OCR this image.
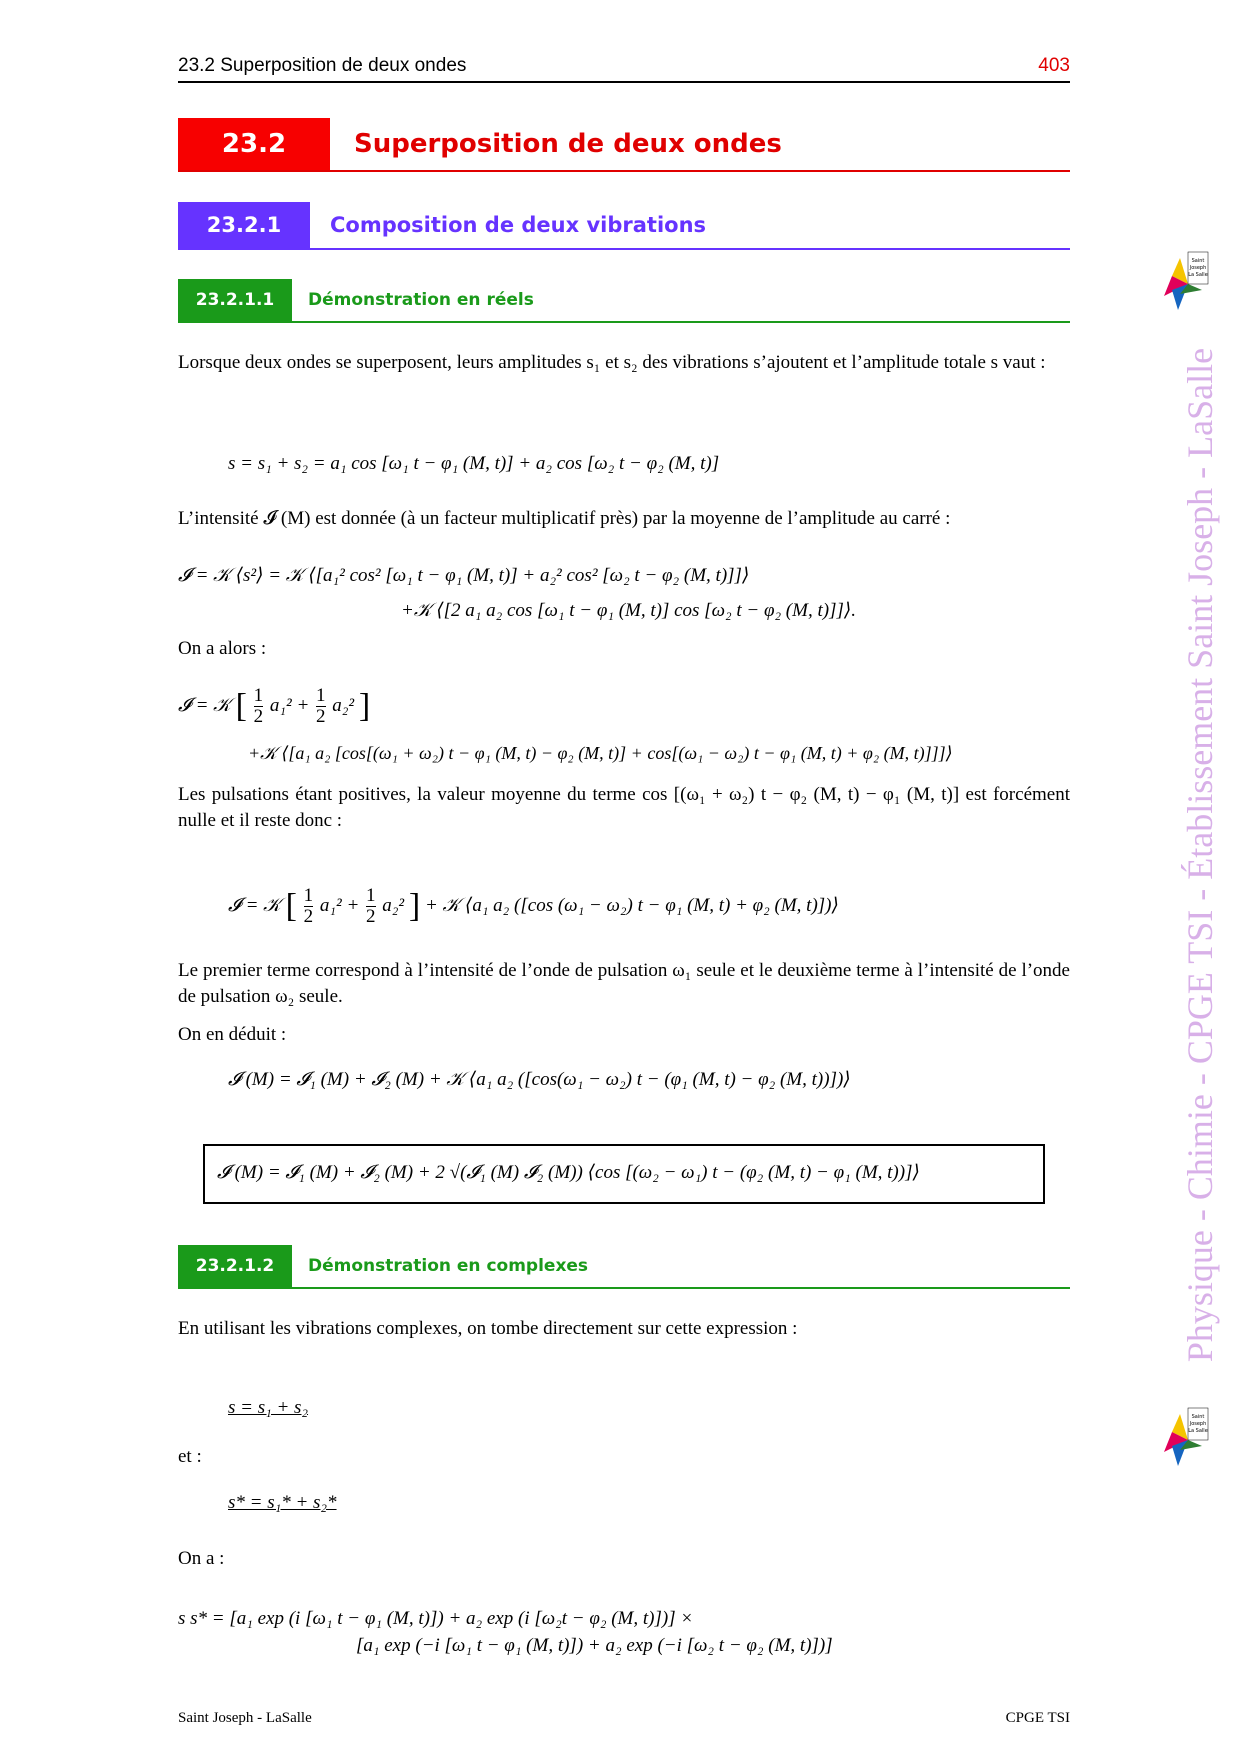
23.2 Superposition de deux ondes	403
23.2	Superposition de deux ondes
23.2.1	Composition de deux vibrations
23.2.1.1	Démonstration en réels
Lorsque deux ondes se superposent, leurs amplitudes s₁ et s₂ des vibrations s’ajoutent et l’amplitude totale s vaut :
s = s₁ + s₂ = a₁ cos [ω₁ t − φ₁ (M, t)] + a₂ cos [ω₂ t − φ₂ (M, t)]
L’intensité 𝓘 (M) est donnée (à un facteur multiplicatif près) par la moyenne de l’amplitude au carré :
𝓘 = 𝒦 ⟨s²⟩ = 𝒦 ⟨[a₁² cos² [ω₁ t − φ₁ (M, t)] + a₂² cos² [ω₂ t − φ₂ (M, t)]]⟩
+𝒦 ⟨[2 a₁ a₂ cos [ω₁ t − φ₁ (M, t)] cos [ω₂ t − φ₂ (M, t)]]⟩.
On a alors :
𝓘 = 𝒦 [ $\frac{1}{2} a_1^2 + \frac{1}{2} a_2^2$ ]
+𝒦 ⟨[a₁ a₂ [cos[(ω₁ + ω₂) t − φ₁ (M, t) − φ₂ (M, t)] + cos[(ω₁ − ω₂) t − φ₁ (M, t) + φ₂ (M, t)]]]⟩
Les pulsations étant positives, la valeur moyenne du terme cos [(ω₁ + ω₂) t − φ₂ (M, t) − φ₁ (M, t)] est forcément nulle et il reste donc :
𝓘 = 𝒦 [ $\frac{1}{2} a_1^2 + \frac{1}{2} a_2^2$ ] + 𝒦 ⟨a₁ a₂ ([cos (ω₁ − ω₂) t − φ₁ (M, t) + φ₂ (M, t)])⟩
Le premier terme correspond à l’intensité de l’onde de pulsation ω₁ seule et le deuxième terme à l’intensité de l’onde de pulsation ω₂ seule.
On en déduit :
𝓘 (M) = 𝓘₁ (M) + 𝓘₂ (M) + 𝒦 ⟨a₁ a₂ ([cos(ω₁ − ω₂) t − (φ₁ (M, t) − φ₂ (M, t))])⟩
𝓘 (M) = 𝓘₁ (M) + 𝓘₂ (M) + 2 √(𝓘₁ (M) 𝓘₂ (M)) ⟨cos [(ω₂ − ω₁) t − (φ₂ (M, t) − φ₁ (M, t))]⟩
23.2.1.2	Démonstration en complexes
En utilisant les vibrations complexes, on tombe directement sur cette expression :
s = s₁ + s₂
et :
s* = s₁* + s₂*
On a :
s s* = [a₁ exp (i [ω₁ t − φ₁ (M, t)]) + a₂ exp (i [ω₂t − φ₂ (M, t)])] ×
[a₁ exp (−i [ω₁ t − φ₁ (M, t)]) + a₂ exp (−i [ω₂ t − φ₂ (M, t)])]
Physique - Chimie - CPGE TSI - Établissement Saint Joseph - LaSalle
Saint
Joseph
La Salle
Saint
Joseph
La Salle
Saint Joseph - LaSalle	CPGE TSI
